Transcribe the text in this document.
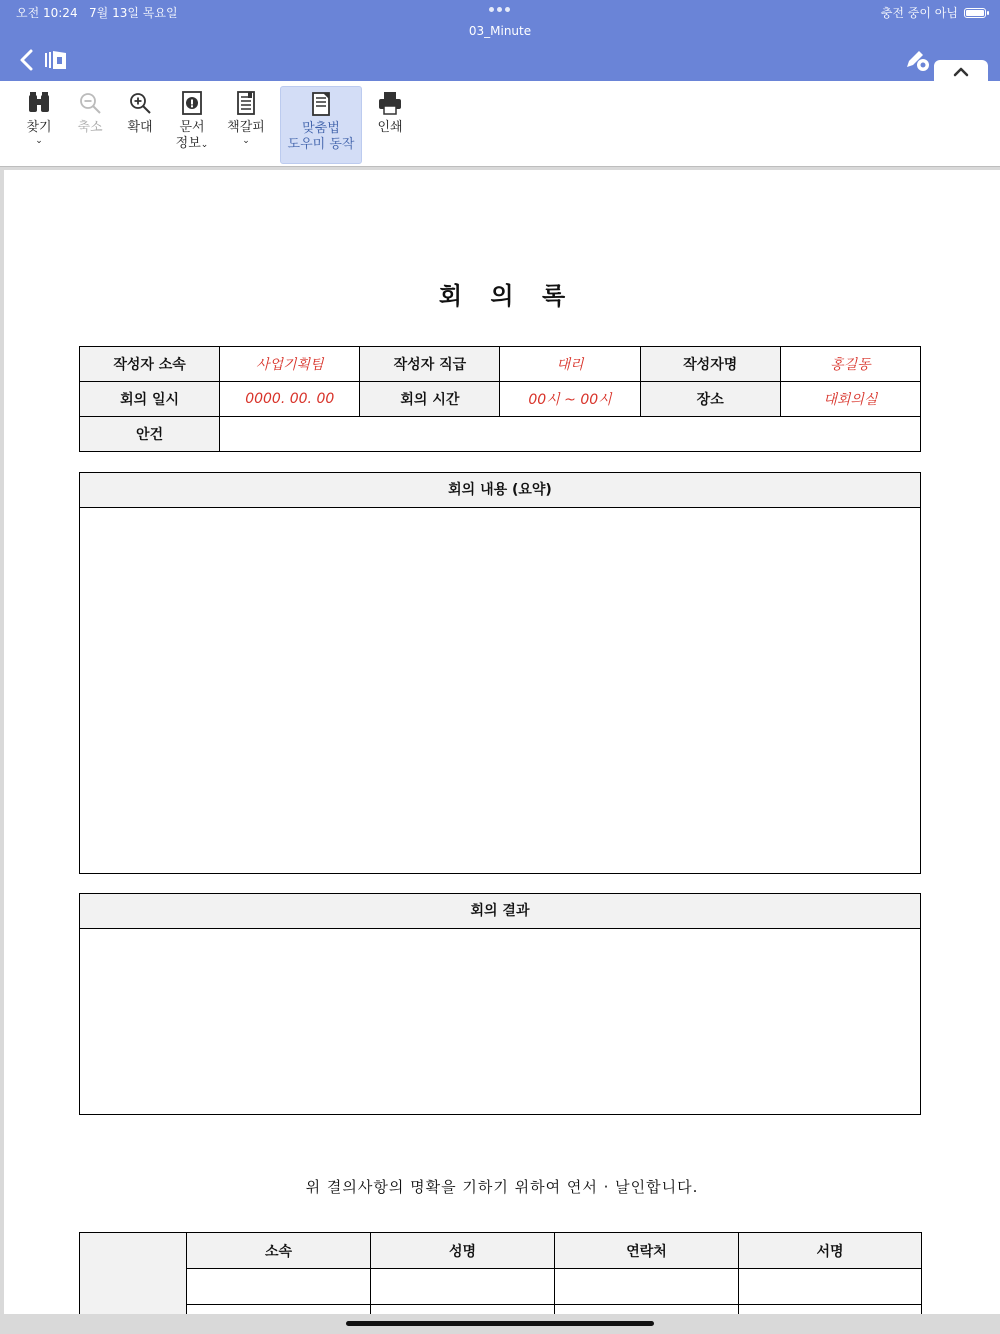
오전 10:24 7월 13일 목요일	충전 중이 아님
03_Minute
찾기
⌄
축소	확대	문서
정보⌄
책갈피
⌄
맞춤법
도우미 동작
인쇄
회 의 록
작성자 소속	사업기획팀	작성자 직급	대리	작성자명	홍길동
회의 일시	0000. 00. 00	회의 시간	00시 ~ 00시	장소	대회의실
안건					
회의 내용 (요약)
회의 결과
위 결의사항의 명확을 기하기 위하여 연서 · 날인합니다.
	소속	성명	연락처	서명
